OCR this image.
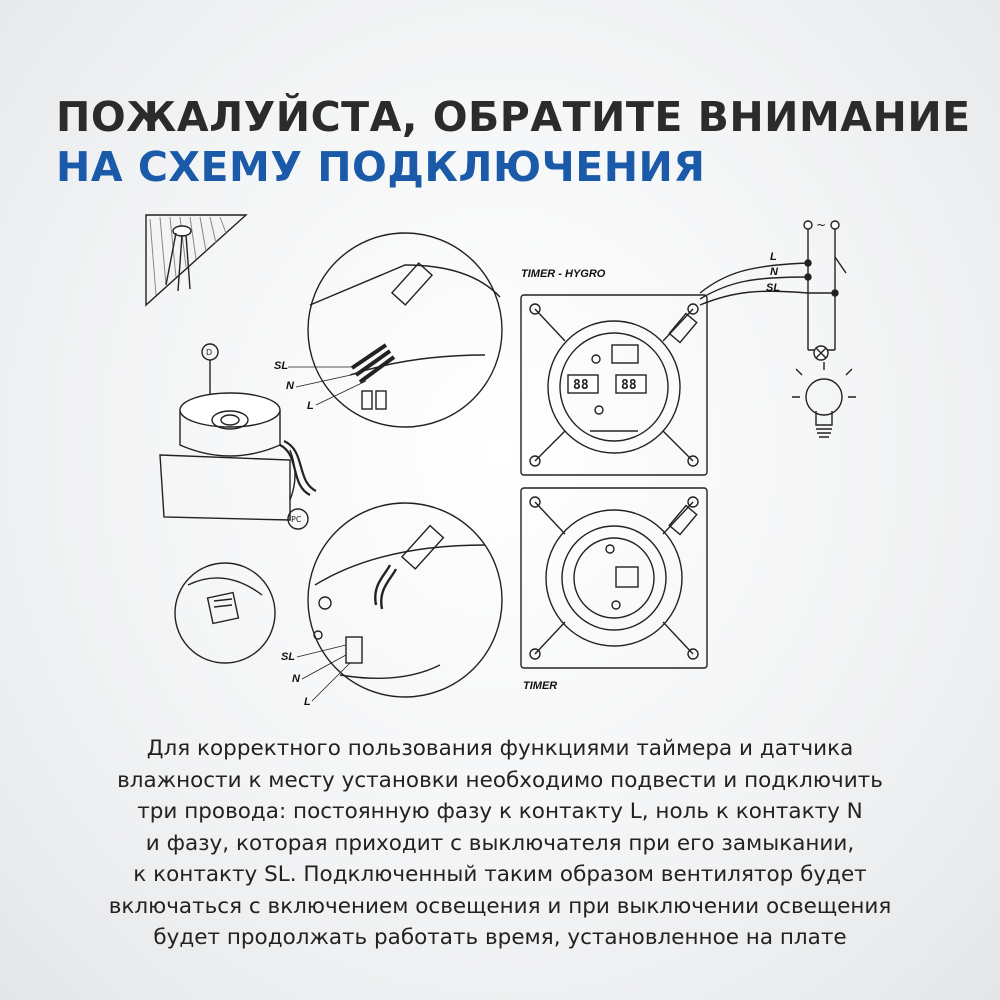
ПОЖАЛУЙСТА, ОБРАТИТЕ ВНИМАНИЕ
НА СХЕМУ ПОДКЛЮЧЕНИЯ
TIMER - HYGRO
TIMER
SL
N
L
SL
N
L
L
N
SL
~
D
PC
88 88

Для корректного пользования функциями таймера и датчика
влажности к месту установки необходимо подвести и подключить
три провода: постоянную фазу к контакту L, ноль к контакту N
и фазу, которая приходит с выключателя при его замыкании,
к контакту SL. Подключенный таким образом вентилятор будет
включаться с включением освещения и при выключении освещения
будет продолжать работать время, установленное на плате
